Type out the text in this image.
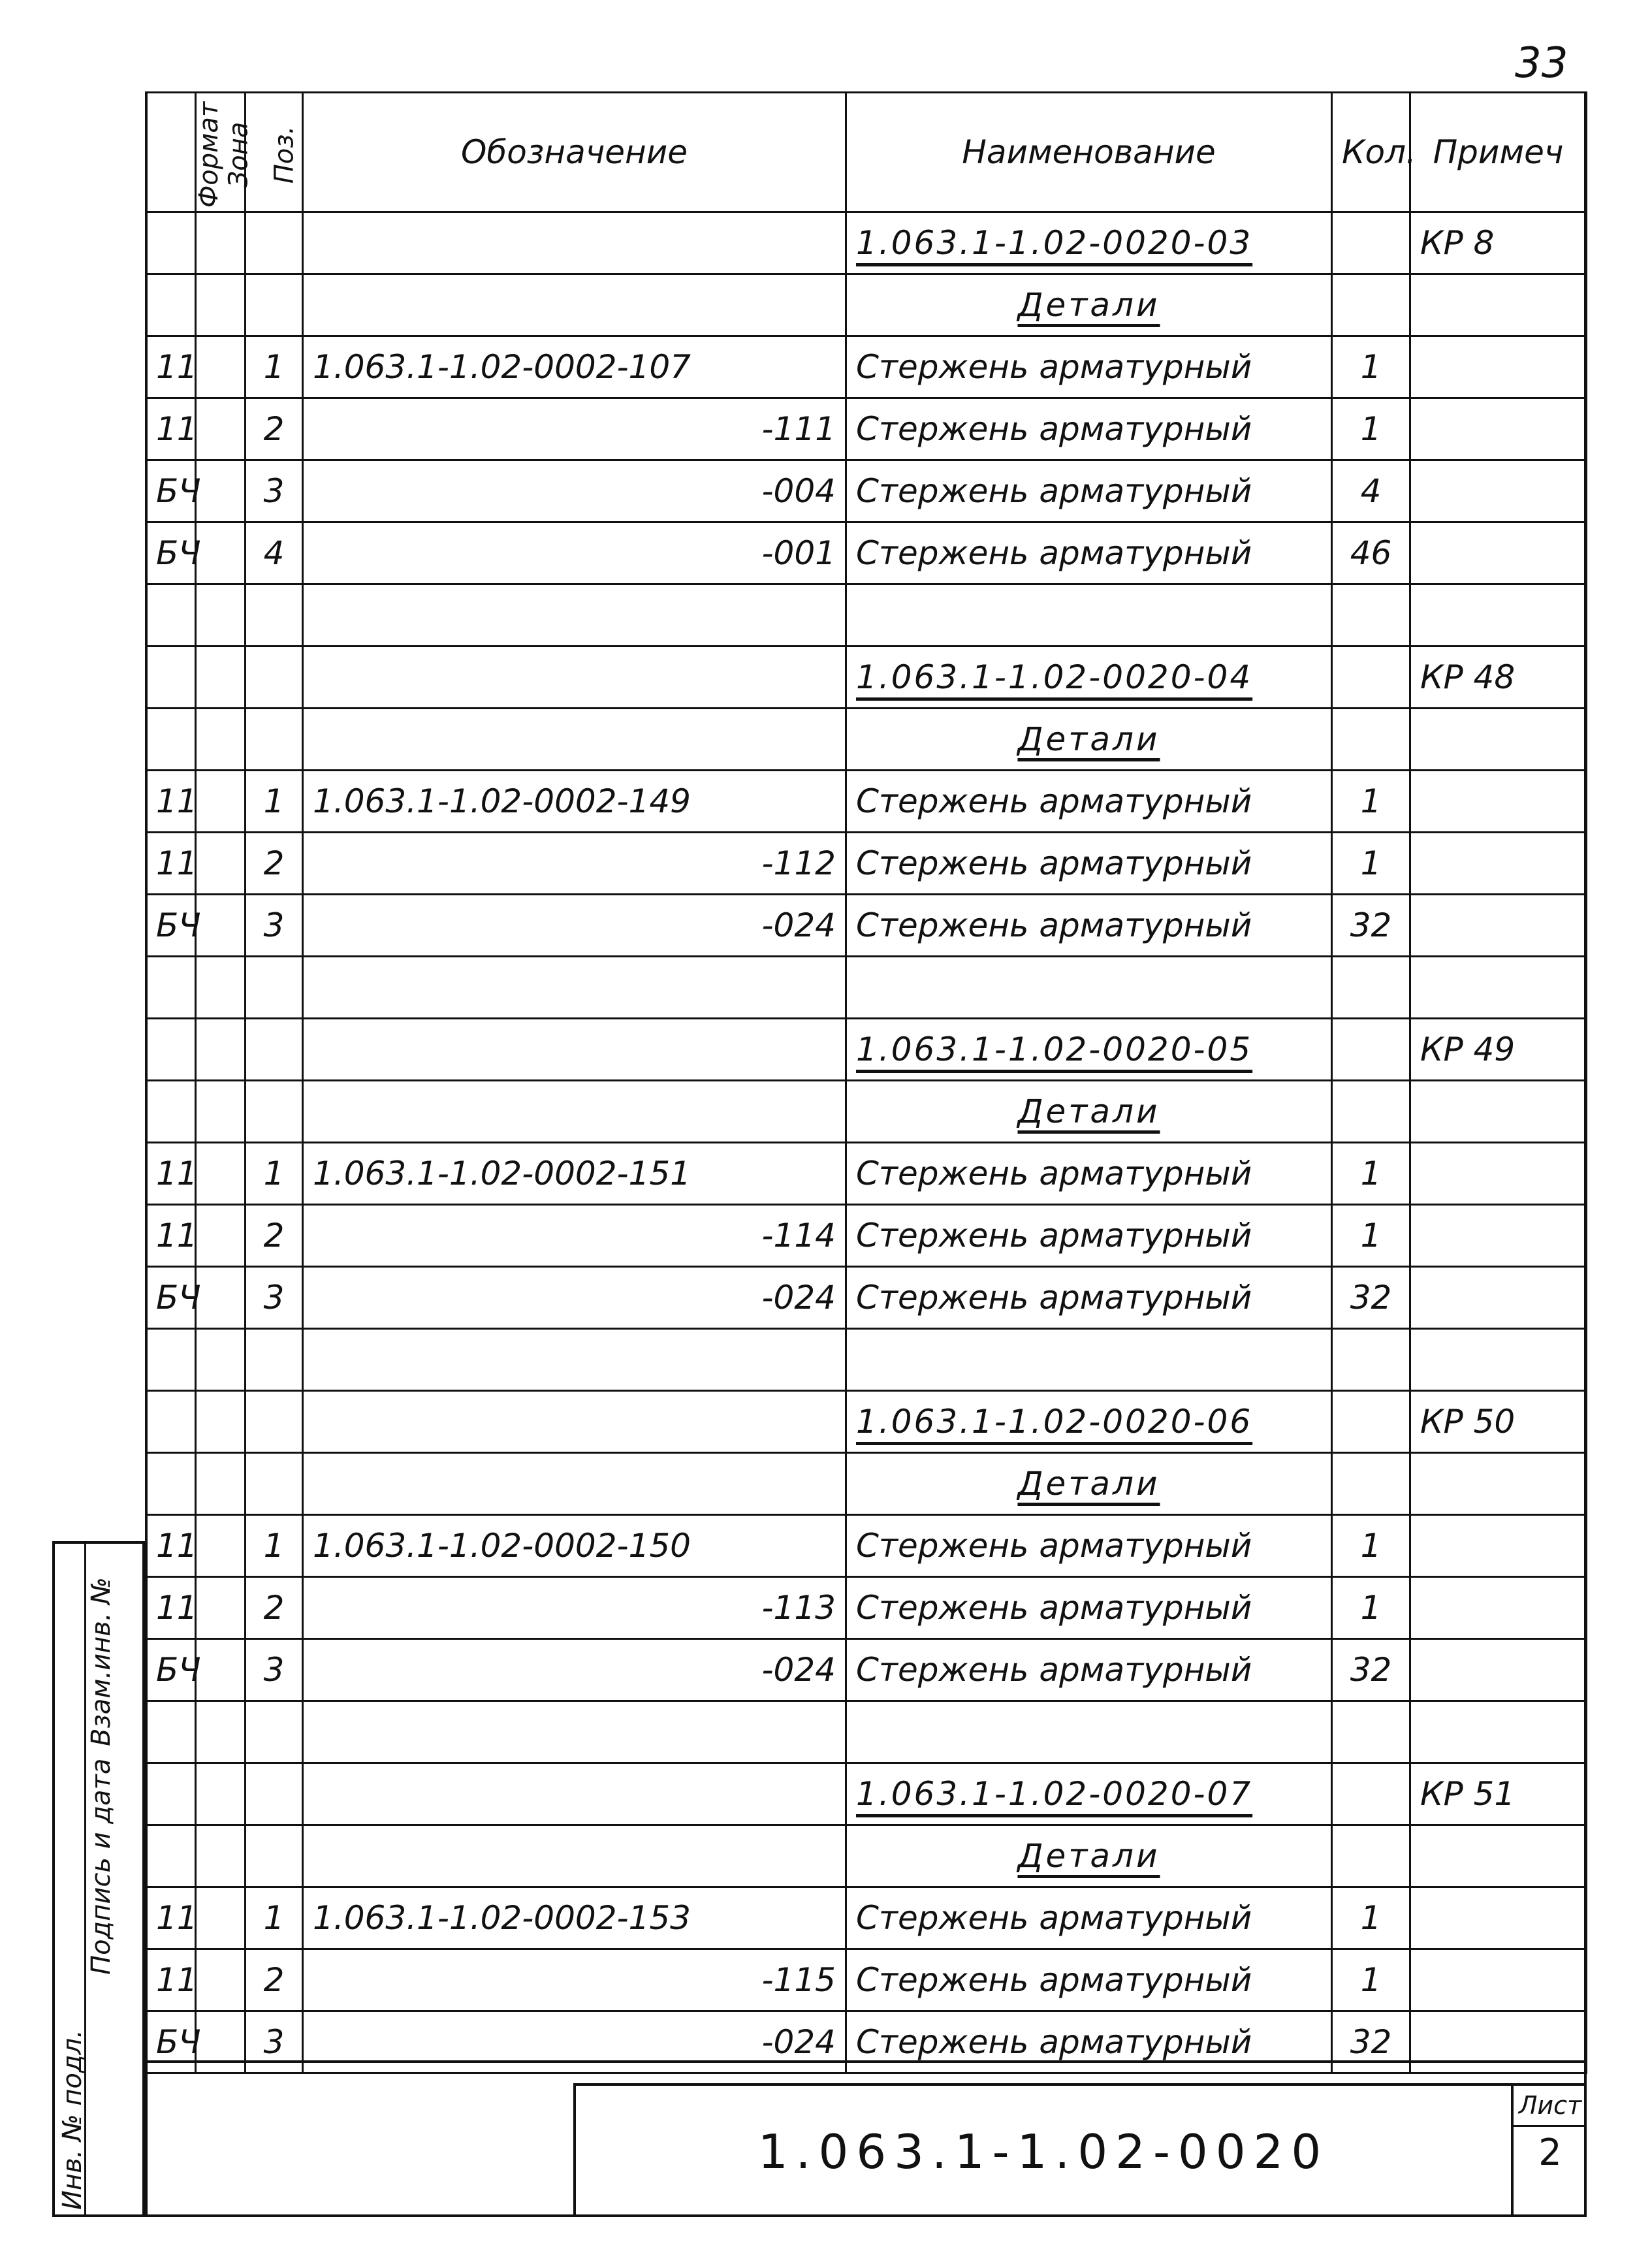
33
Формат	Зона	Поз.	Обозначение	Наименование	Кол.	Примеч
				1.063.1-1.02-0020-03		КР 8
				Детали		
11		1	1.063.1-1.02-0002-107	Стержень арматурный	1	
11		2	-111	Стержень арматурный	1	
БЧ		3	-004	Стержень арматурный	4	
БЧ		4	-001	Стержень арматурный	46	

				1.063.1-1.02-0020-04		КР 48
				Детали		
11		1	1.063.1-1.02-0002-149	Стержень арматурный	1	
11		2	-112	Стержень арматурный	1	
БЧ		3	-024	Стержень арматурный	32	

				1.063.1-1.02-0020-05		КР 49
				Детали		
11		1	1.063.1-1.02-0002-151	Стержень арматурный	1	
11		2	-114	Стержень арматурный	1	
БЧ		3	-024	Стержень арматурный	32	

				1.063.1-1.02-0020-06		КР 50
				Детали		
11		1	1.063.1-1.02-0002-150	Стержень арматурный	1	
11		2	-113	Стержень арматурный	1	
БЧ		3	-024	Стержень арматурный	32	

				1.063.1-1.02-0020-07		КР 51
				Детали		
11		1	1.063.1-1.02-0002-153	Стержень арматурный	1	
11		2	-115	Стержень арматурный	1	
БЧ		3	-024	Стержень арматурный	32	
1.063.1-1.02-0020
Лист
2
Инв. № подл.
Подпись и дата
Взам.инв. №
